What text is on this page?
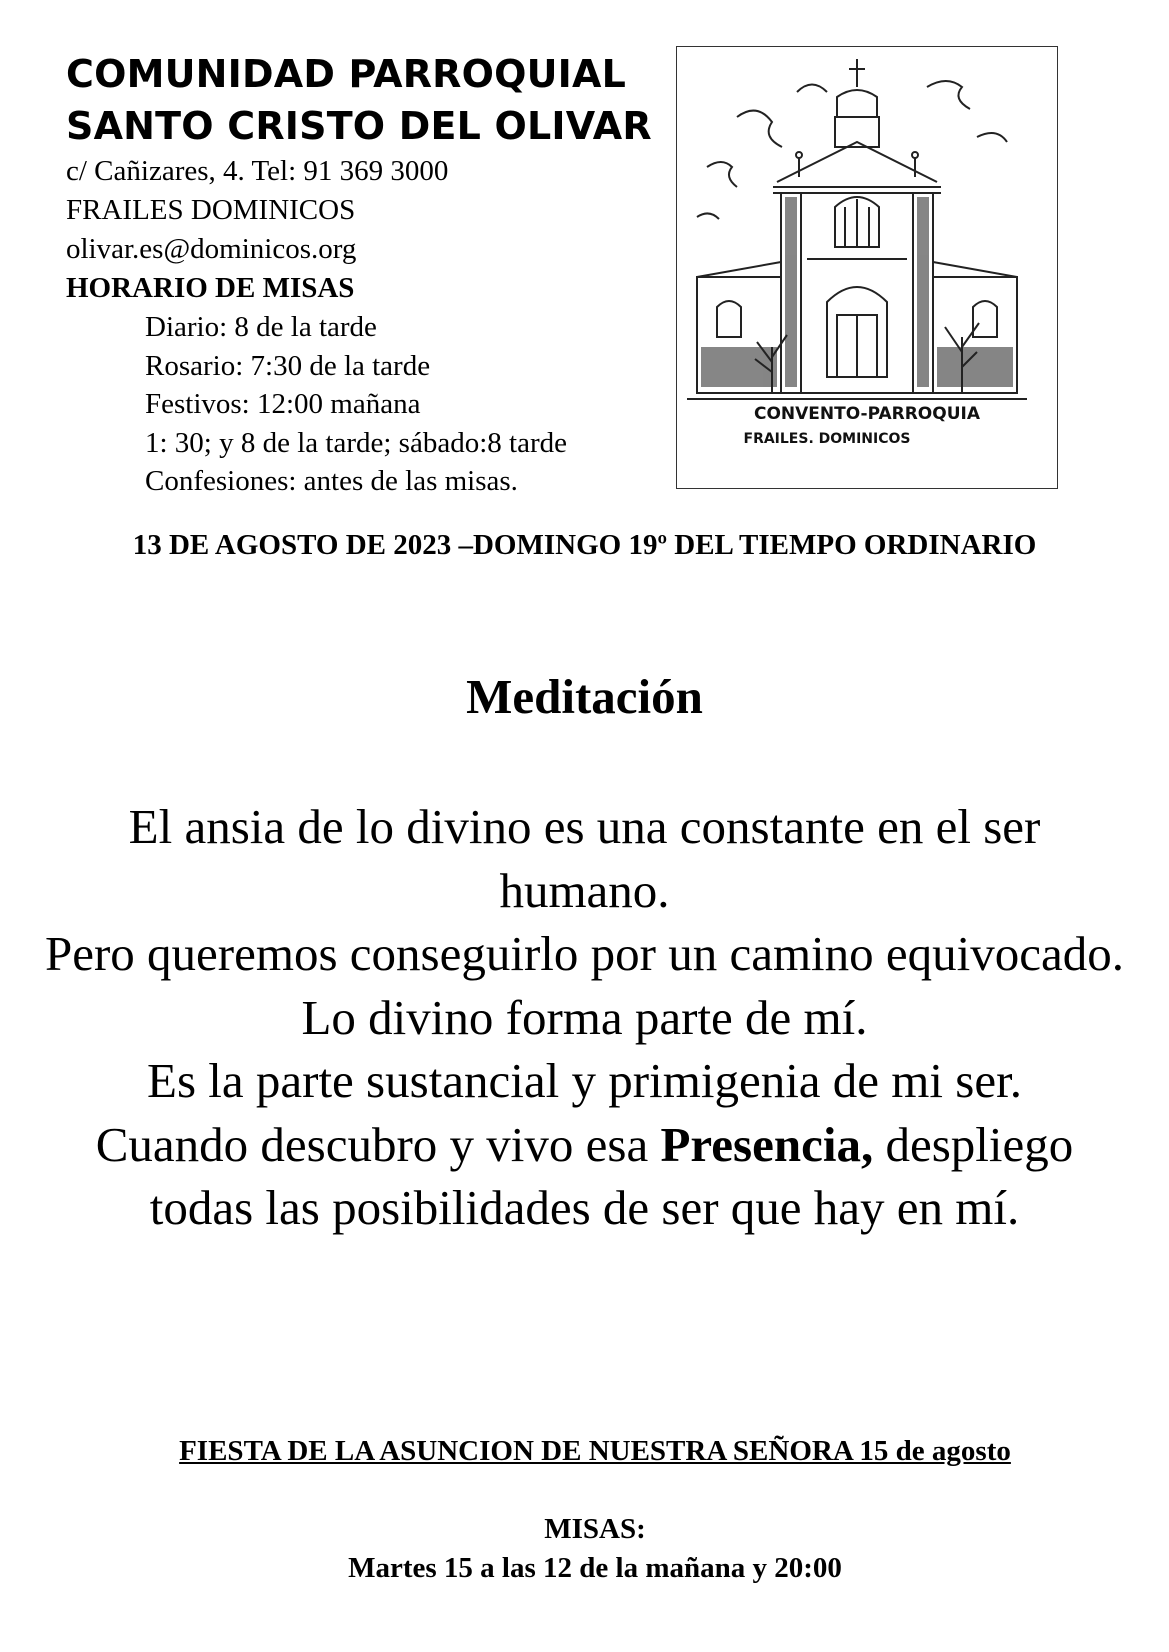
COMUNIDAD PARROQUIAL
SANTO CRISTO DEL OLIVAR
c/ Cañizares, 4. Tel: 91 369 3000
FRAILES DOMINICOS
olivar.es@dominicos.org
HORARIO DE MISAS
Diario: 8 de la tarde
Rosario: 7:30 de la tarde
Festivos: 12:00 mañana
1: 30; y 8 de la tarde; sábado:8 tarde
Confesiones: antes de las misas.
CONVENTO-PARROQUIA
FRAILES. DOMINICOS
13 DE AGOSTO DE 2023 –DOMINGO 19º DEL TIEMPO ORDINARIO
Meditación

El ansia de lo divino es una constante en el ser humano.

Pero queremos conseguirlo por un camino equivocado.

Lo divino forma parte de mí.

Es la parte sustancial y primigenia de mi ser.

Cuando descubro y vivo esa Presencia, despliego todas las posibilidades de ser que hay en mí.

FIESTA DE LA ASUNCION DE NUESTRA SEÑORA 15 de agosto
MISAS:
Martes 15 a las 12 de la mañana y 20:00
